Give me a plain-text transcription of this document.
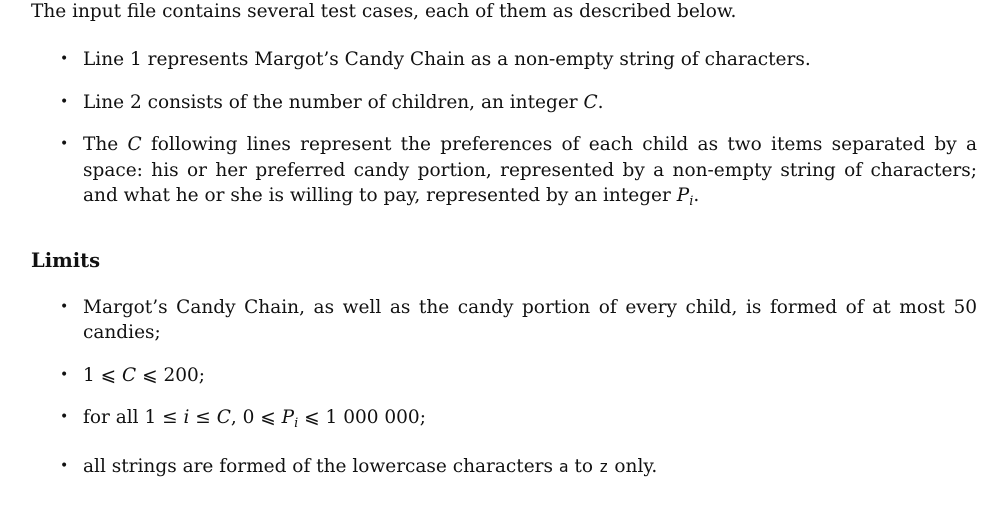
The input file contains several test cases, each of them as described below.

• Line 1 represents Margot’s Candy Chain as a non-empty string of characters.
• Line 2 consists of the number of children, an integer C.
• The C following lines represent the preferences of each child as two items separated by a space: his or her preferred candy portion, represented by a non-empty string of characters; and what he or she is willing to pay, represented by an integer $P_i$.
Limits
• Margot’s Candy Chain, as well as the candy portion of every child, is formed of at most 50 candies;
• 1 ⩽ C ⩽ 200;
• for all 1 ≤ i ≤ C, 0 ⩽ $P_i$ ⩽ 1 000 000;
• all strings are formed of the lowercase characters a to z only.
